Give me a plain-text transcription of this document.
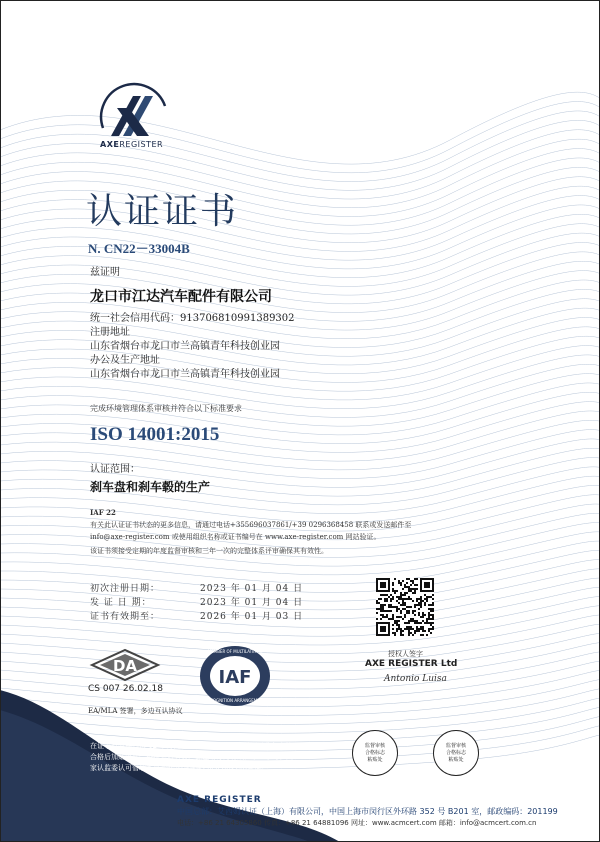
AXEREGISTER
认证证书
N. CN22－33004B
兹证明
龙口市江达汽车配件有限公司
统一社会信用代码：913706810991389302
注册地址
山东省烟台市龙口市兰高镇青年科技创业园
办公及生产地址
山东省烟台市龙口市兰高镇青年科技创业园
完成环境管理体系审核并符合以下标准要求
ISO 14001:2015
认证范围：
刹车盘和刹车毂的生产
IAF 22
有关此认证证书状态的更多信息，请通过电话+355696037861/+39 0296368458 联系或发送邮件至
info@axe-register.com 或使用组织名称或证书编号在 www.axe-register.com 网站验证。
该证书须接受定期的年度监督审核和三年一次的完整体系评审确保其有效性。
初次注册日期：	2023 年 01 月 04 日
发 证 日 期：	2023 年 01 月 04 日
证书有效期至：	2026 年 01 月 03 日
授权人签字
AXE REGISTER Ltd
Antonio Luisa
DA
CS 007 26.02.18
IAF
MEMBER OF MULTILATERAL
RECOGNITION ARRANGEMENT
EA/MLA 签署，多边互认协议
在证书有效期内每 12 个月内须接受一次监督审核并通过监督审核
合格后加贴年度合格标志后有效，此证书方为有效，本证书可在国
家认监委认可管理委员会网站(www.cnca.gov.cn)查询。
监督审核
合格标志
粘贴处
监督审核
合格标志
粘贴处
AXE REGISTER
中国总部：艾西姆认证（上海）有限公司，中国上海市闵行区外环路 352 号 B201 室，邮政编码：201199
电话：+86 21 64305860 传真：+86 21 64881096 网址：www.acmcert.com 邮箱：info@acmcert.com.cn
